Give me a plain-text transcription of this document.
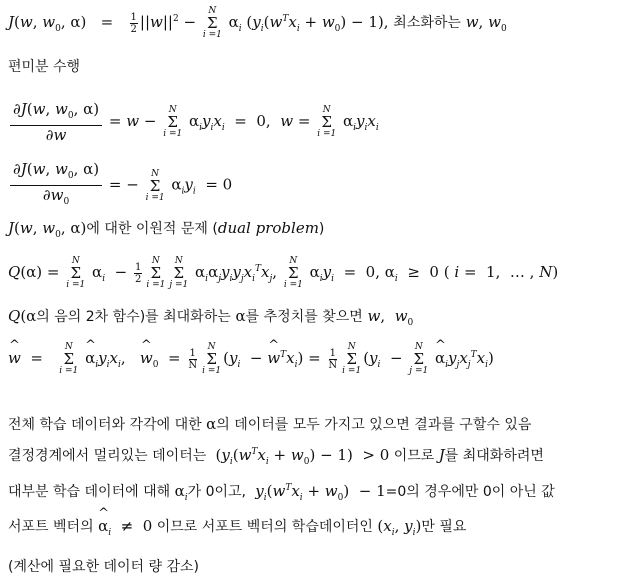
J(w, $w_0$, $\alpha) = \frac{1}{2} ||w||^2$ −
N
Σ
i =1
$\alpha_i$ $(y_i(w^Tx_i + w_0) - 1)$, 최소화하는 w, $w_0$
편미분 수행
$\frac{\partial J(w, w_0, \alpha)}{\partial w} = w$ −
N
Σ
i =1
$\alpha_iy_ix_i = 0$,  w =
N
Σ
i =1
$\alpha_iy_ix_i$
$\frac{\partial J(w, w_0, \alpha)}{\partial w_0}$ = −
N
Σ
i =1
$\alpha_iy_i = 0$
J(w, $w_0$, α)에 대한 이원적 문제 (dual problem)
Q(α) =
N
Σ
i =1
$\alpha_i - \frac{1}{2}$
N
Σ
i =1
N
Σ
j =1
$\alpha_i\alpha_jy_iy_jx_i^Tx_j$,
N
Σ
i =1
$\alpha_iy_i = 0$, $\alpha_i \ge 0$ ( i =  1,  … , N)
Q(α의 음의 2차 함수)를 최대화하는 α를 추정치를 찾으면 w,  $w_0$
^ w  =
N
Σ
i =1
^ $\alpha_iy_ix_i$,   ^ $w_0 = \frac{1}{N}$
N
Σ
i =1
($y_i$  − ^ $w^Tx_i) = \frac{1}{N}$
N
Σ
i =1
($y_i$  −
N
Σ
j =1
^ $\alpha_iy_jx_j^Tx_i$)
전체 학습 데이터와 각각에 대한 α의 데이터를 모두 가지고 있으면 결과를 구할수 있음
결정경계에서 멀리있는 데이터는  $(y_i(w^Tx_i + w_0) - 1) > 0$ 이므로 J를 최대화하려면
대부분 학습 데이터에 대해 $\alpha_i$가 0이고, $y_i(w^Tx_i + w_0) - 1=0$의 경우에만 0이 아닌 값
서포트 벡터의 ^ $\alpha_i \ne 0$ 이므로 서포트 벡터의 학습데이터인 ($x_i$, $y_i$)만 필요
(계산에 필요한 데이터 량 감소)
